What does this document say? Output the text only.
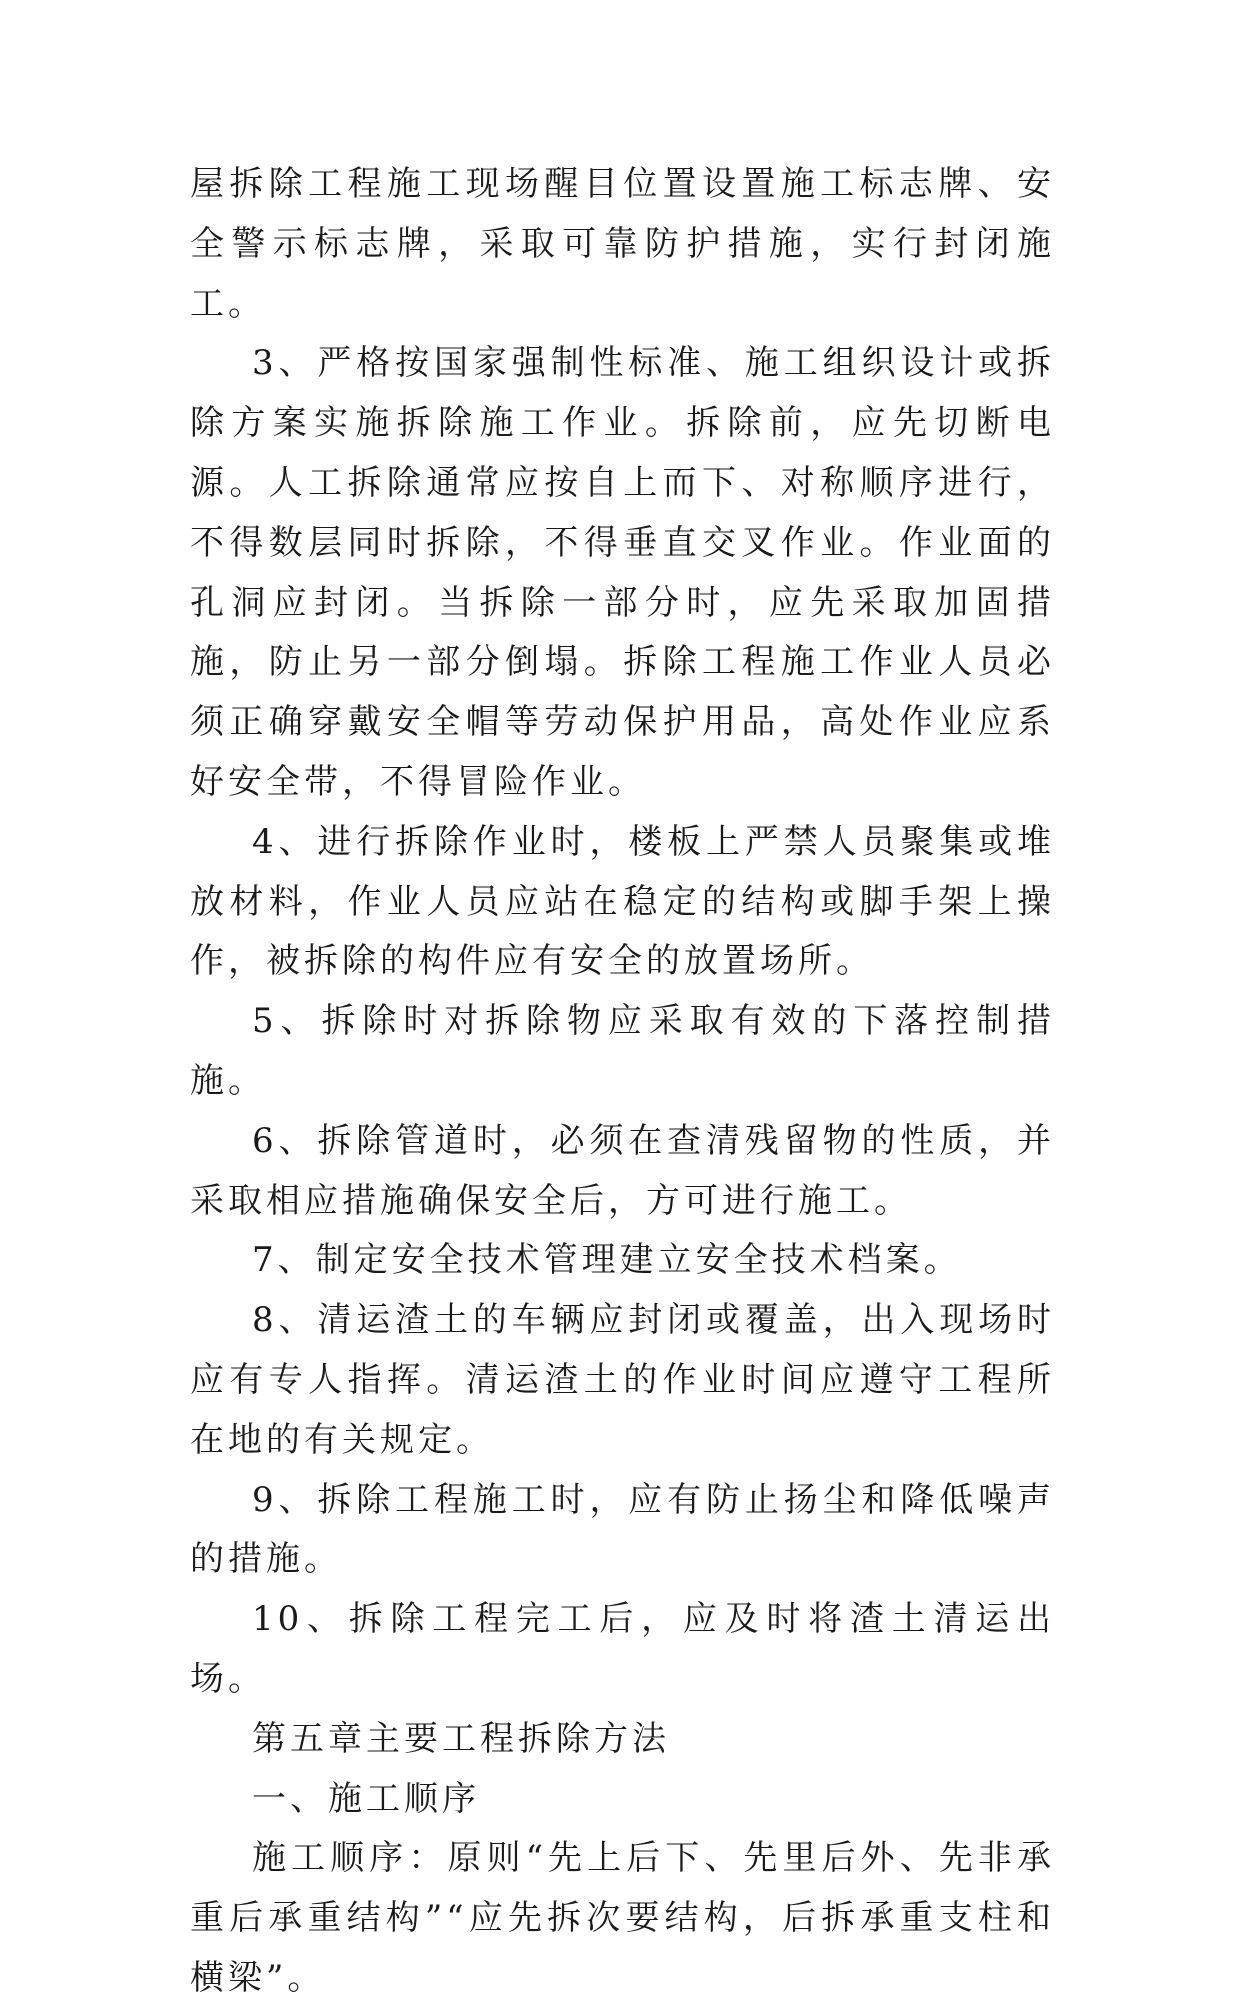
屋拆除工程施工现场醒目位置设置施工标志牌、安全警示标志牌，采取可靠防护措施，实行封闭施工。

3、严格按国家强制性标准、施工组织设计或拆除方案实施拆除施工作业。拆除前，应先切断电源。人工拆除通常应按自上而下、对称顺序进行，不得数层同时拆除，不得垂直交叉作业。作业面的孔洞应封闭。当拆除一部分时，应先采取加固措施，防止另一部分倒塌。拆除工程施工作业人员必须正确穿戴安全帽等劳动保护用品，高处作业应系好安全带，不得冒险作业。

4、进行拆除作业时，楼板上严禁人员聚集或堆放材料，作业人员应站在稳定的结构或脚手架上操作，被拆除的构件应有安全的放置场所。

5、拆除时对拆除物应采取有效的下落控制措施。

6、拆除管道时，必须在查清残留物的性质，并采取相应措施确保安全后，方可进行施工。

7、制定安全技术管理建立安全技术档案。

8、清运渣土的车辆应封闭或覆盖，出入现场时应有专人指挥。清运渣土的作业时间应遵守工程所在地的有关规定。

9、拆除工程施工时，应有防止扬尘和降低噪声的措施。

10、拆除工程完工后，应及时将渣土清运出场。

第五章主要工程拆除方法

一、施工顺序

施工顺序：原则“先上后下、先里后外、先非承重后承重结构”“应先拆次要结构，后拆承重支柱和横梁”。
